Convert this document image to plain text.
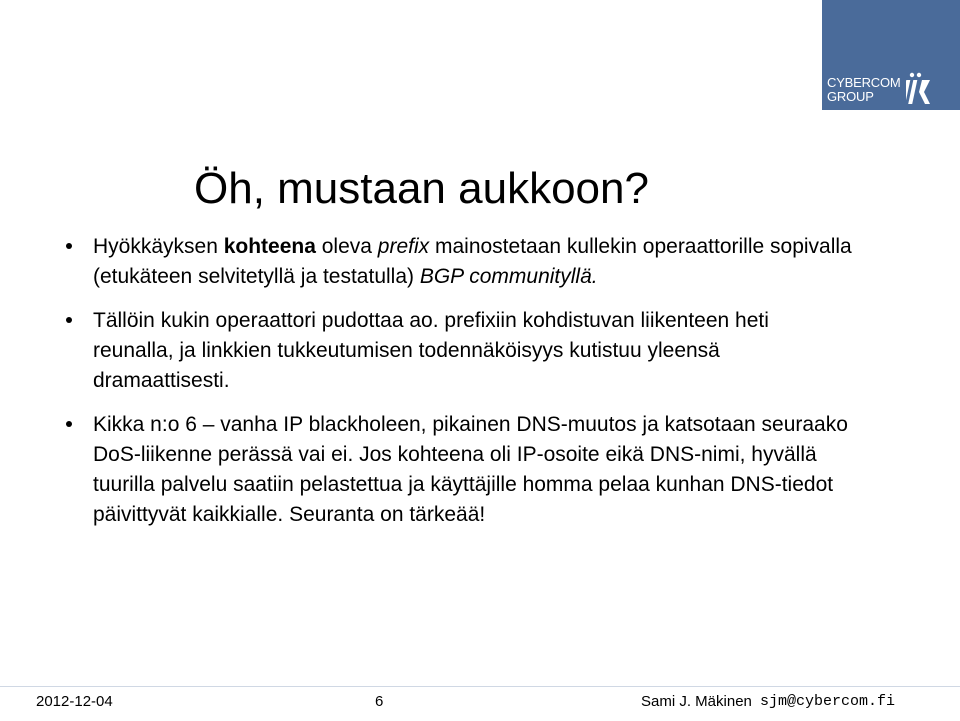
CYBERCOM
GROUP
Öh, mustaan aukkoon?
Hyökkäyksen kohteena oleva prefix mainostetaan kullekin operaattorille sopivalla (etukäteen selvitetyllä ja testatulla) BGP communityllä.
Tällöin kukin operaattori pudottaa ao. prefixiin kohdistuvan liikenteen heti reunalla, ja linkkien tukkeutumisen todennäköisyys kutistuu yleensä dramaattisesti.
Kikka n:o 6 – vanha IP blackholeen, pikainen DNS-muutos ja katsotaan seuraako DoS-liikenne perässä vai ei. Jos kohteena oli IP-osoite eikä DNS-nimi, hyvällä tuurilla palvelu saatiin pelastettua ja käyttäjille homma pelaa kunhan DNS-tiedot päivittyvät kaikkialle. Seuranta on tärkeää!
2012-12-04	6	Sami J. Mäkinen sjm@cybercom.fi
